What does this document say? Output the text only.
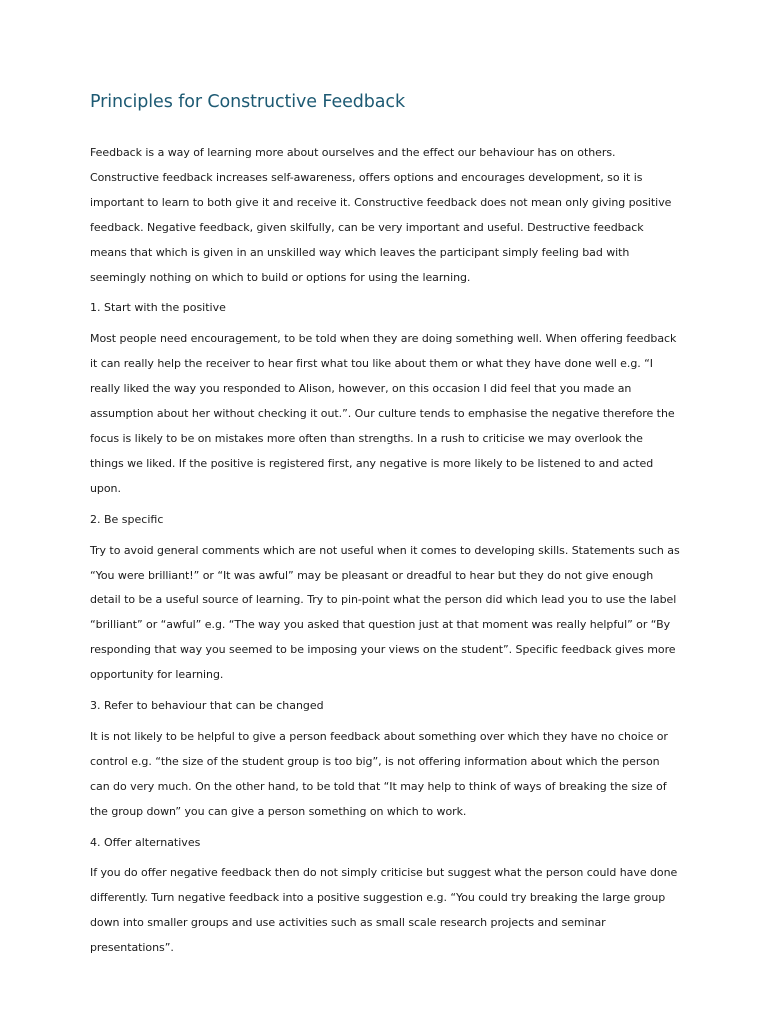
Principles for Constructive Feedback

Feedback is a way of learning more about ourselves and the effect our behaviour has on others. Constructive feedback increases self-awareness, offers options and encourages development, so it is important to learn to both give it and receive it. Constructive feedback does not mean only giving positive feedback. Negative feedback, given skilfully, can be very important and useful. Destructive feedback means that which is given in an unskilled way which leaves the participant simply feeling bad with seemingly nothing on which to build or options for using the learning.

1. Start with the positive

Most people need encouragement, to be told when they are doing something well. When offering feedback it can really help the receiver to hear first what tou like about them or what they have done well e.g. “I really liked the way you responded to Alison, however, on this occasion I did feel that you made an assumption about her without checking it out.”. Our culture tends to emphasise the negative therefore the focus is likely to be on mistakes more often than strengths. In a rush to criticise we may overlook the things we liked. If the positive is registered first, any negative is more likely to be listened to and acted upon.

2. Be specific

Try to avoid general comments which are not useful when it comes to developing skills. Statements such as “You were brilliant!” or “It was awful” may be pleasant or dreadful to hear but they do not give enough detail to be a useful source of learning. Try to pin-point what the person did which lead you to use the label “brilliant” or “awful” e.g. “The way you asked that question just at that moment was really helpful” or “By responding that way you seemed to be imposing your views on the student”. Specific feedback gives more opportunity for learning.

3. Refer to behaviour that can be changed

It is not likely to be helpful to give a person feedback about something over which they have no choice or control e.g. “the size of the student group is too big”, is not offering information about which the person can do very much. On the other hand, to be told that “It may help to think of ways of breaking the size of the group down” you can give a person something on which to work.

4. Offer alternatives

If you do offer negative feedback then do not simply criticise but suggest what the person could have done differently. Turn negative feedback into a positive suggestion e.g. “You could try breaking the large group down into smaller groups and use activities such as small scale research projects and seminar presentations”.
